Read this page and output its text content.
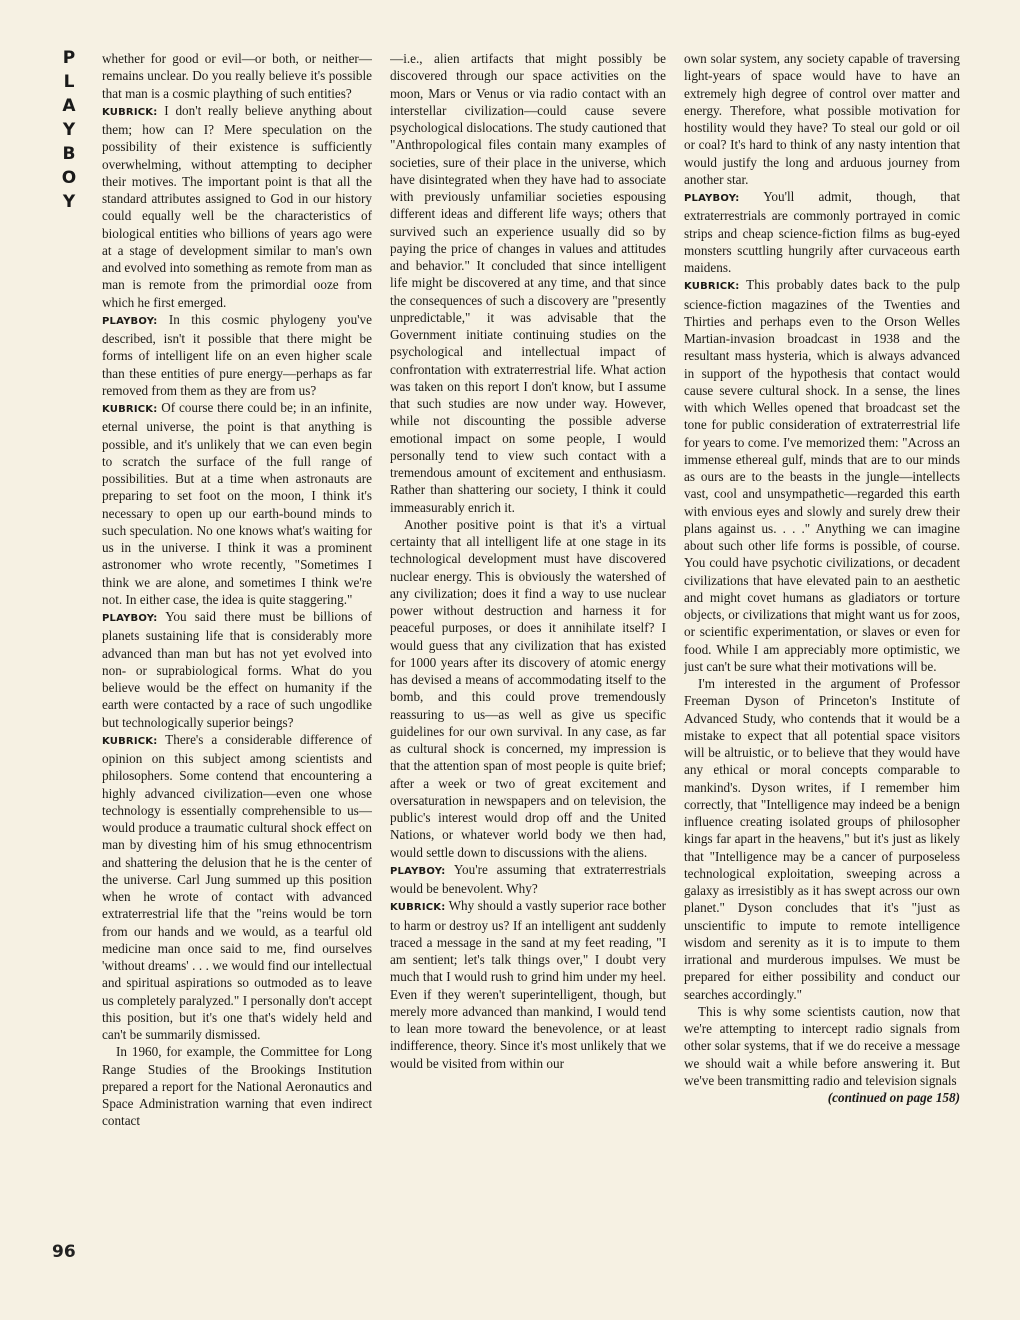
P
L
A
Y
B
O
Y
96

whether for good or evil—or both, or neither—remains unclear. Do you really believe it's possible that man is a cosmic plaything of such entities?

KUBRICK: I don't really believe anything about them; how can I? Mere speculation on the possibility of their existence is sufficiently overwhelming, without attempting to decipher their motives. The important point is that all the standard attributes assigned to God in our history could equally well be the characteristics of biological entities who billions of years ago were at a stage of development similar to man's own and evolved into something as remote from man as man is remote from the primordial ooze from which he first emerged.

PLAYBOY: In this cosmic phylogeny you've described, isn't it possible that there might be forms of intelligent life on an even higher scale than these entities of pure energy—perhaps as far removed from them as they are from us?

KUBRICK: Of course there could be; in an infinite, eternal universe, the point is that anything is possible, and it's unlikely that we can even begin to scratch the surface of the full range of possibilities. But at a time when astronauts are preparing to set foot on the moon, I think it's necessary to open up our earth-bound minds to such speculation. No one knows what's waiting for us in the universe. I think it was a prominent astronomer who wrote recently, "Sometimes I think we are alone, and sometimes I think we're not. In either case, the idea is quite staggering."

PLAYBOY: You said there must be billions of planets sustaining life that is considerably more advanced than man but has not yet evolved into non- or suprabiological forms. What do you believe would be the effect on humanity if the earth were contacted by a race of such ungodlike but technologically superior beings?

KUBRICK: There's a considerable difference of opinion on this subject among scientists and philosophers. Some contend that encountering a highly advanced civilization—even one whose technology is essentially comprehensible to us—would produce a traumatic cultural shock effect on man by divesting him of his smug ethnocentrism and shattering the delusion that he is the center of the universe. Carl Jung summed up this position when he wrote of contact with advanced extraterrestrial life that the "reins would be torn from our hands and we would, as a tearful old medicine man once said to me, find ourselves 'without dreams' . . . we would find our intellectual and spiritual aspirations so outmoded as to leave us completely paralyzed." I personally don't accept this position, but it's one that's widely held and can't be summarily dismissed.

In 1960, for example, the Committee for Long Range Studies of the Brookings Institution prepared a report for the National Aeronautics and Space Administration warning that even indirect contact

—i.e., alien artifacts that might possibly be discovered through our space activities on the moon, Mars or Venus or via radio contact with an interstellar civilization—could cause severe psychological dislocations. The study cautioned that "Anthropological files contain many examples of societies, sure of their place in the universe, which have disintegrated when they have had to associate with previously unfamiliar societies espousing different ideas and different life ways; others that survived such an experience usually did so by paying the price of changes in values and attitudes and behavior." It concluded that since intelligent life might be discovered at any time, and that since the consequences of such a discovery are "presently unpredictable," it was advisable that the Government initiate continuing studies on the psychological and intellectual impact of confrontation with extraterrestrial life. What action was taken on this report I don't know, but I assume that such studies are now under way. However, while not discounting the possible adverse emotional impact on some people, I would personally tend to view such contact with a tremendous amount of excitement and enthusiasm. Rather than shattering our society, I think it could immeasurably enrich it.

Another positive point is that it's a virtual certainty that all intelligent life at one stage in its technological development must have discovered nuclear energy. This is obviously the watershed of any civilization; does it find a way to use nuclear power without destruction and harness it for peaceful purposes, or does it annihilate itself? I would guess that any civilization that has existed for 1000 years after its discovery of atomic energy has devised a means of accommodating itself to the bomb, and this could prove tremendously reassuring to us—as well as give us specific guidelines for our own survival. In any case, as far as cultural shock is concerned, my impression is that the attention span of most people is quite brief; after a week or two of great excitement and oversaturation in newspapers and on television, the public's interest would drop off and the United Nations, or whatever world body we then had, would settle down to discussions with the aliens.

PLAYBOY: You're assuming that extraterrestrials would be benevolent. Why?

KUBRICK: Why should a vastly superior race bother to harm or destroy us? If an intelligent ant suddenly traced a message in the sand at my feet reading, "I am sentient; let's talk things over," I doubt very much that I would rush to grind him under my heel. Even if they weren't superintelligent, though, but merely more advanced than mankind, I would tend to lean more toward the benevolence, or at least indifference, theory. Since it's most unlikely that we would be visited from within our

own solar system, any society capable of traversing light-years of space would have to have an extremely high degree of control over matter and energy. Therefore, what possible motivation for hostility would they have? To steal our gold or oil or coal? It's hard to think of any nasty intention that would justify the long and arduous journey from another star.

PLAYBOY: You'll admit, though, that extraterrestrials are commonly portrayed in comic strips and cheap science-fiction films as bug-eyed monsters scuttling hungrily after curvaceous earth maidens.

KUBRICK: This probably dates back to the pulp science-fiction magazines of the Twenties and Thirties and perhaps even to the Orson Welles Martian-invasion broadcast in 1938 and the resultant mass hysteria, which is always advanced in support of the hypothesis that contact would cause severe cultural shock. In a sense, the lines with which Welles opened that broadcast set the tone for public consideration of extraterrestrial life for years to come. I've memorized them: "Across an immense ethereal gulf, minds that are to our minds as ours are to the beasts in the jungle—intellects vast, cool and unsympathetic—regarded this earth with envious eyes and slowly and surely drew their plans against us. . . ." Anything we can imagine about such other life forms is possible, of course. You could have psychotic civilizations, or decadent civilizations that have elevated pain to an aesthetic and might covet humans as gladiators or torture objects, or civilizations that might want us for zoos, or scientific experimentation, or slaves or even for food. While I am appreciably more optimistic, we just can't be sure what their motivations will be.

I'm interested in the argument of Professor Freeman Dyson of Princeton's Institute of Advanced Study, who contends that it would be a mistake to expect that all potential space visitors will be altruistic, or to believe that they would have any ethical or moral concepts comparable to mankind's. Dyson writes, if I remember him correctly, that "Intelligence may indeed be a benign influence creating isolated groups of philosopher kings far apart in the heavens," but it's just as likely that "Intelligence may be a cancer of purposeless technological exploitation, sweeping across a galaxy as irresistibly as it has swept across our own planet." Dyson concludes that it's "just as unscientific to impute to remote intelligence wisdom and serenity as it is to impute to them irrational and murderous impulses. We must be prepared for either possibility and conduct our searches accordingly."

This is why some scientists caution, now that we're attempting to intercept radio signals from other solar systems, that if we do receive a message we should wait a while before answering it. But we've been transmitting radio and television signals

(continued on page 158)
